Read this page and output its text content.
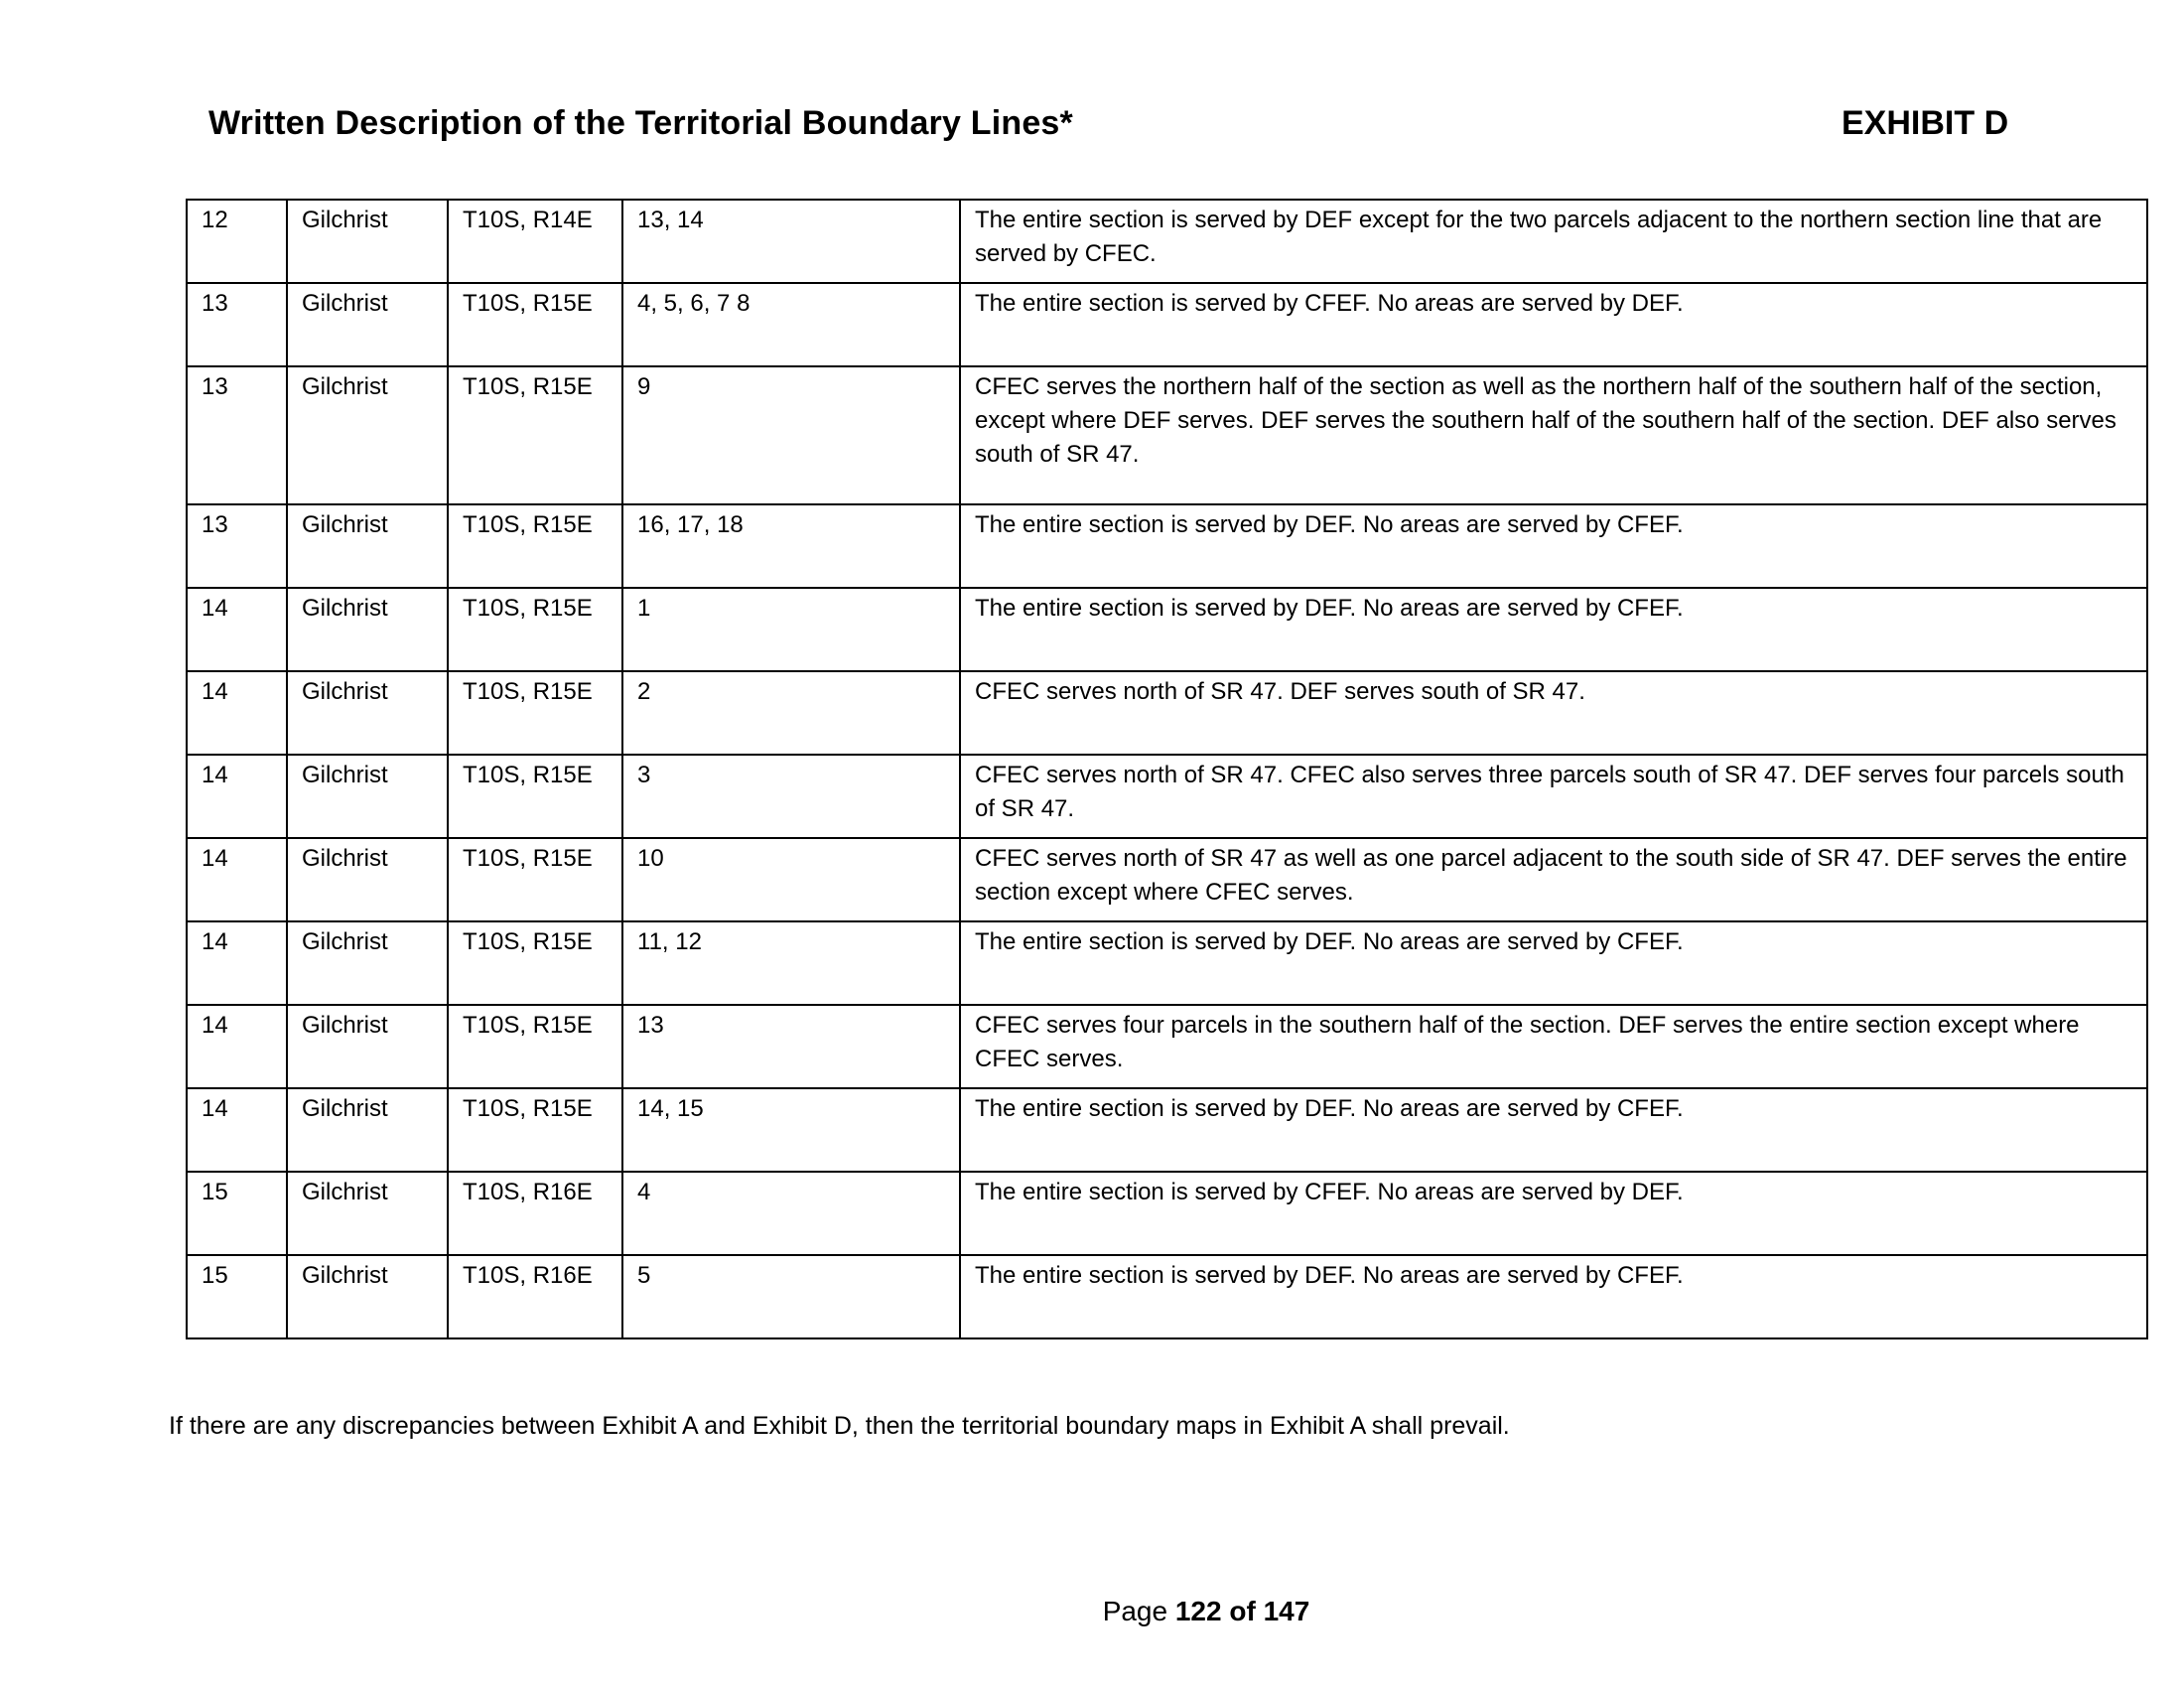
Written Description of the Territorial Boundary Lines*	EXHIBIT D
12	Gilchrist	T10S, R14E	13, 14	The entire section is served by DEF except for the two parcels adjacent to the northern section line that are served by CFEC.
13	Gilchrist	T10S, R15E	4, 5, 6, 7 8	The entire section is served by CFEF. No areas are served by DEF.
13	Gilchrist	T10S, R15E	9	CFEC serves the northern half of the section as well as the northern half of the southern half of the section, except where DEF serves. DEF serves the southern half of the southern half of the section. DEF also serves south of SR 47.
13	Gilchrist	T10S, R15E	16, 17, 18	The entire section is served by DEF. No areas are served by CFEF.
14	Gilchrist	T10S, R15E	1	The entire section is served by DEF. No areas are served by CFEF.
14	Gilchrist	T10S, R15E	2	CFEC serves north of SR 47. DEF serves south of SR 47.
14	Gilchrist	T10S, R15E	3	CFEC serves north of SR 47. CFEC also serves three parcels south of SR 47. DEF serves four parcels south of SR 47.
14	Gilchrist	T10S, R15E	10	CFEC serves north of SR 47 as well as one parcel adjacent to the south side of SR 47. DEF serves the entire section except where CFEC serves.
14	Gilchrist	T10S, R15E	11, 12	The entire section is served by DEF. No areas are served by CFEF.
14	Gilchrist	T10S, R15E	13	CFEC serves four parcels in the southern half of the section. DEF serves the entire section except where CFEC serves.
14	Gilchrist	T10S, R15E	14, 15	The entire section is served by DEF. No areas are served by CFEF.
15	Gilchrist	T10S, R16E	4	The entire section is served by CFEF. No areas are served by DEF.
15	Gilchrist	T10S, R16E	5	The entire section is served by DEF. No areas are served by CFEF.
If there are any discrepancies between Exhibit A and Exhibit D, then the territorial boundary maps in Exhibit A shall prevail.
Page 122 of 147
